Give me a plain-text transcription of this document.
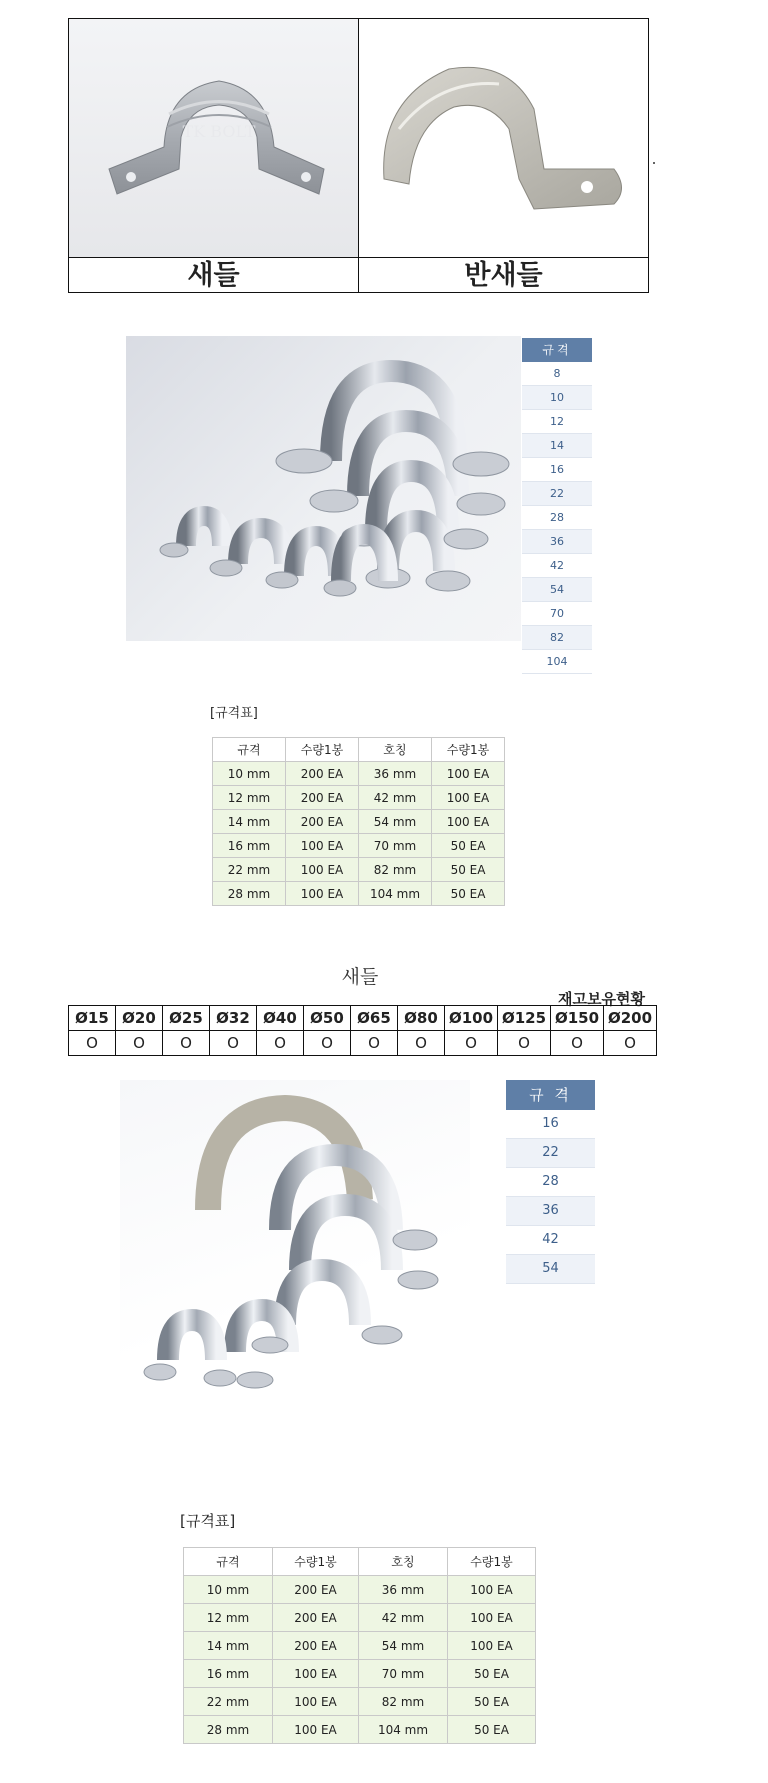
TK BOLT
새들	반새들
규격
8
10
12
14
16
22
28
36
42
54
70
82
104
[규격표]
규격	수량1봉	호칭	수량1봉
10 mm	200 EA	36 mm	100 EA
12 mm	200 EA	42 mm	100 EA
14 mm	200 EA	54 mm	100 EA
16 mm	100 EA	70 mm	50 EA
22 mm	100 EA	82 mm	50 EA
28 mm	100 EA	104 mm	50 EA
새들
재고보유현황
Ø15	Ø20	Ø25	Ø32	Ø40	Ø50	Ø65	Ø80	Ø100	Ø125	Ø150	Ø200
O	O	O	O	O	O	O	O	O	O	O	O
규 격
16
22
28
36
42
54
[규격표]
규격	수량1봉	호칭	수량1봉
10 mm	200 EA	36 mm	100 EA
12 mm	200 EA	42 mm	100 EA
14 mm	200 EA	54 mm	100 EA
16 mm	100 EA	70 mm	50 EA
22 mm	100 EA	82 mm	50 EA
28 mm	100 EA	104 mm	50 EA
